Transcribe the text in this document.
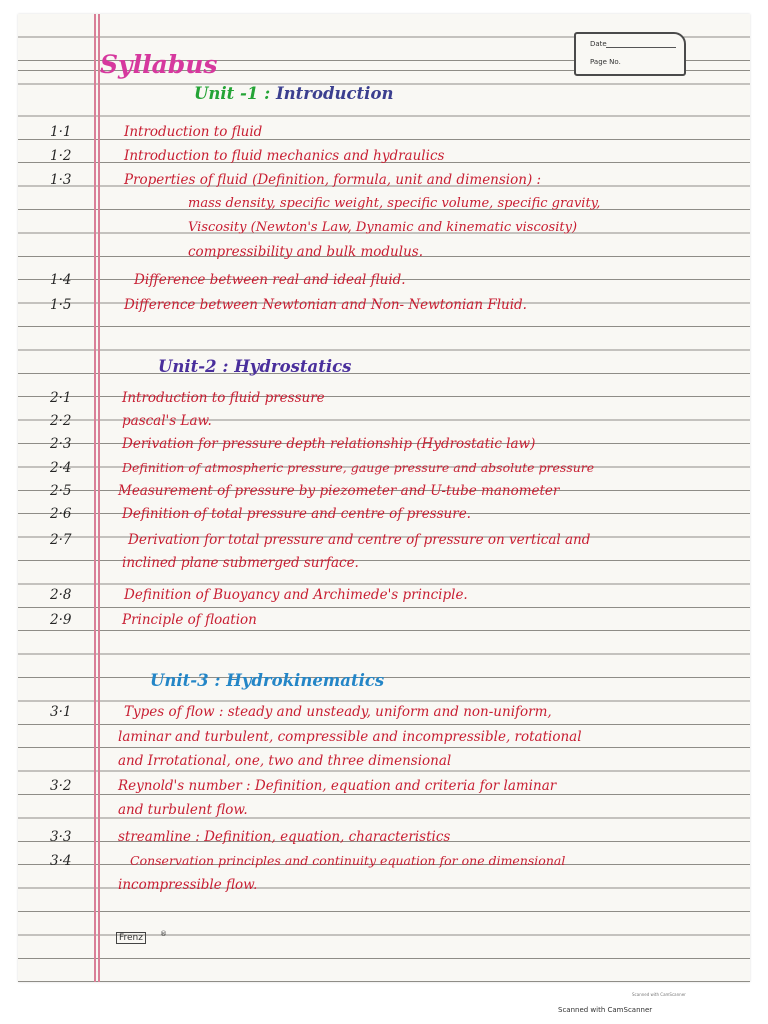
Date
Page No.
Syllabus
Unit -1 : Introduction
Unit-2 : Hydrostatics
Unit-3 : Hydrokinematics
1·1	Introduction to fluid
1·2	Introduction to fluid mechanics and hydraulics
1·3	Properties of fluid (Definition, formula, unit and dimension) :
mass density, specific weight, specific volume, specific gravity,
Viscosity (Newton's Law, Dynamic and kinematic viscosity)
compressibility and bulk modulus.
1·4	Difference between real and ideal fluid.
1·5	Difference between Newtonian and Non- Newtonian Fluid.
2·1	Introduction to fluid pressure
2·2	pascal's Law.
2·3	Derivation for pressure depth relationship (Hydrostatic law)
2·4	Definition of atmospheric pressure, gauge pressure and absolute pressure
2·5	Measurement of pressure by piezometer and U-tube manometer
2·6	Definition of total pressure and centre of pressure.
2·7	Derivation for total pressure and centre of pressure on vertical and
inclined plane submerged surface.
2·8	Definition of Buoyancy and Archimede's principle.
2·9	Principle of floation
3·1	Types of flow : steady and unsteady, uniform and non-uniform,
laminar and turbulent, compressible and incompressible, rotational
and Irrotational, one, two and three dimensional
3·2	Reynold's number : Definition, equation and criteria for laminar
and turbulent flow.
3·3	streamline : Definition, equation, characteristics
3·4	Conservation principles and continuity equation for one dimensional
incompressible flow.
Frenz	®
Scanned with CamScanner
Scanned with CamScanner
